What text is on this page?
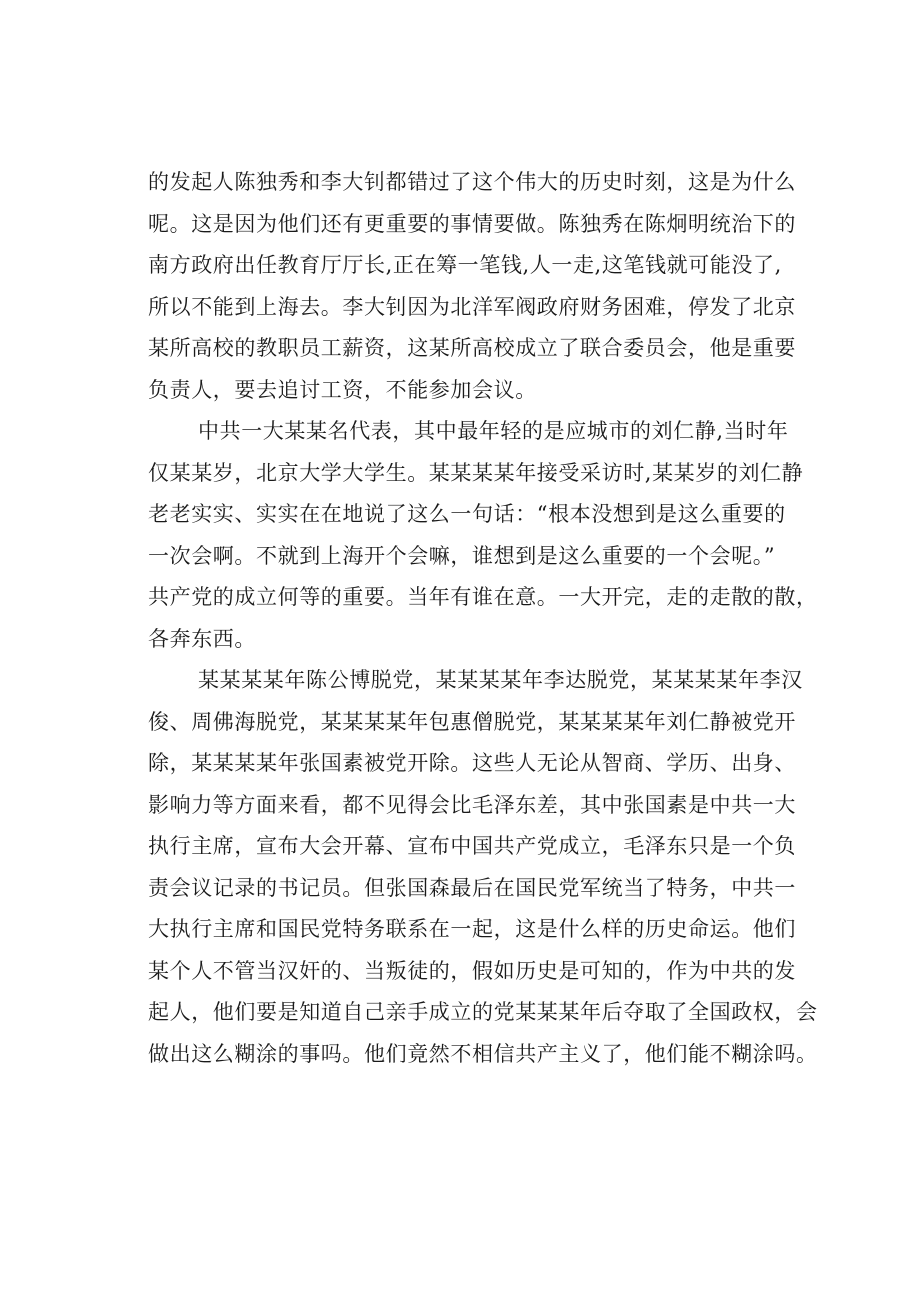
的发起人陈独秀和李大钊都错过了这个伟大的历史时刻，这是为什么
呢。这是因为他们还有更重要的事情要做。陈独秀在陈炯明统治下的
南方政府出任教育厅厅长,正在筹一笔钱,人一走,这笔钱就可能没了,
所以不能到上海去。李大钊因为北洋军阀政府财务困难，停发了北京
某所高校的教职员工薪资，这某所高校成立了联合委员会，他是重要
负责人，要去追讨工资，不能参加会议。
中共一大某某名代表，其中最年轻的是应城市的刘仁静,当时年
仅某某岁，北京大学大学生。某某某某年接受采访时,某某岁的刘仁静
老老实实、实实在在地说了这么一句话：“根本没想到是这么重要的
一次会啊。不就到上海开个会嘛，谁想到是这么重要的一个会呢。”
共产党的成立何等的重要。当年有谁在意。一大开完，走的走散的散，
各奔东西。
某某某某年陈公博脱党，某某某某年李达脱党，某某某某年李汉
俊、周佛海脱党，某某某某年包惠僧脱党，某某某某年刘仁静被党开
除，某某某某年张国素被党开除。这些人无论从智商、学历、出身、
影响力等方面来看，都不见得会比毛泽东差，其中张国素是中共一大
执行主席，宣布大会开幕、宣布中国共产党成立，毛泽东只是一个负
责会议记录的书记员。但张国森最后在国民党军统当了特务，中共一
大执行主席和国民党特务联系在一起，这是什么样的历史命运。他们
某个人不管当汉奸的、当叛徒的，假如历史是可知的，作为中共的发
起人，他们要是知道自己亲手成立的党某某某年后夺取了全国政权，会
做出这么糊涂的事吗。他们竟然不相信共产主义了，他们能不糊涂吗。
